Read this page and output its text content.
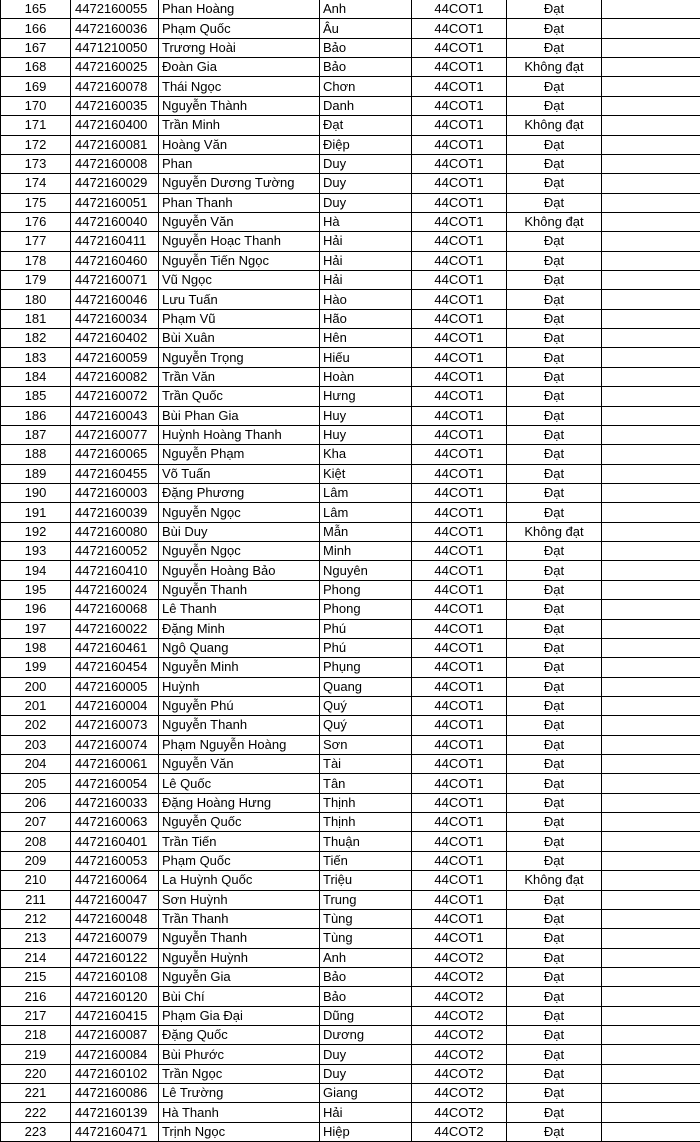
165	4472160055	Phan Hoàng	Anh	44COT1	Đạt	
166	4472160036	Phạm Quốc	Âu	44COT1	Đạt	
167	4471210050	Trương Hoài	Bảo	44COT1	Đạt	
168	4472160025	Đoàn Gia	Bảo	44COT1	Không đạt	
169	4472160078	Thái Ngọc	Chơn	44COT1	Đạt	
170	4472160035	Nguyễn Thành	Danh	44COT1	Đạt	
171	4472160400	Trần Minh	Đạt	44COT1	Không đạt	
172	4472160081	Hoàng Văn	Điệp	44COT1	Đạt	
173	4472160008	Phan	Duy	44COT1	Đạt	
174	4472160029	Nguyễn Dương Tường	Duy	44COT1	Đạt	
175	4472160051	Phan Thanh	Duy	44COT1	Đạt	
176	4472160040	Nguyễn Văn	Hà	44COT1	Không đạt	
177	4472160411	Nguyễn Hoạc Thanh	Hải	44COT1	Đạt	
178	4472160460	Nguyễn Tiến Ngọc	Hải	44COT1	Đạt	
179	4472160071	Vũ Ngọc	Hải	44COT1	Đạt	
180	4472160046	Lưu Tuấn	Hào	44COT1	Đạt	
181	4472160034	Phạm Vũ	Hão	44COT1	Đạt	
182	4472160402	Bùi Xuân	Hên	44COT1	Đạt	
183	4472160059	Nguyễn Trọng	Hiếu	44COT1	Đạt	
184	4472160082	Trần Văn	Hoàn	44COT1	Đạt	
185	4472160072	Trần Quốc	Hưng	44COT1	Đạt	
186	4472160043	Bùi Phan Gia	Huy	44COT1	Đạt	
187	4472160077	Huỳnh Hoàng Thanh	Huy	44COT1	Đạt	
188	4472160065	Nguyễn Phạm	Kha	44COT1	Đạt	
189	4472160455	Võ Tuấn	Kiệt	44COT1	Đạt	
190	4472160003	Đặng Phương	Lâm	44COT1	Đạt	
191	4472160039	Nguyễn Ngọc	Lâm	44COT1	Đạt	
192	4472160080	Bùi Duy	Mẫn	44COT1	Không đạt	
193	4472160052	Nguyễn Ngọc	Minh	44COT1	Đạt	
194	4472160410	Nguyễn Hoàng Bảo	Nguyên	44COT1	Đạt	
195	4472160024	Nguyễn Thanh	Phong	44COT1	Đạt	
196	4472160068	Lê Thanh	Phong	44COT1	Đạt	
197	4472160022	Đặng Minh	Phú	44COT1	Đạt	
198	4472160461	Ngô Quang	Phú	44COT1	Đạt	
199	4472160454	Nguyễn Minh	Phụng	44COT1	Đạt	
200	4472160005	Huỳnh	Quang	44COT1	Đạt	
201	4472160004	Nguyễn Phú	Quý	44COT1	Đạt	
202	4472160073	Nguyễn Thanh	Quý	44COT1	Đạt	
203	4472160074	Phạm Nguyễn Hoàng	Sơn	44COT1	Đạt	
204	4472160061	Nguyễn Văn	Tài	44COT1	Đạt	
205	4472160054	Lê Quốc	Tân	44COT1	Đạt	
206	4472160033	Đặng Hoàng Hưng	Thịnh	44COT1	Đạt	
207	4472160063	Nguyễn Quốc	Thịnh	44COT1	Đạt	
208	4472160401	Trần Tiến	Thuận	44COT1	Đạt	
209	4472160053	Phạm Quốc	Tiến	44COT1	Đạt	
210	4472160064	La Huỳnh Quốc	Triệu	44COT1	Không đạt	
211	4472160047	Sơn Huỳnh	Trung	44COT1	Đạt	
212	4472160048	Trần Thanh	Tùng	44COT1	Đạt	
213	4472160079	Nguyễn Thanh	Tùng	44COT1	Đạt	
214	4472160122	Nguyễn Huỳnh	Anh	44COT2	Đạt	
215	4472160108	Nguyễn Gia	Bảo	44COT2	Đạt	
216	4472160120	Bùi Chí	Bảo	44COT2	Đạt	
217	4472160415	Phạm Gia Đại	Dũng	44COT2	Đạt	
218	4472160087	Đặng Quốc	Dương	44COT2	Đạt	
219	4472160084	Bùi Phước	Duy	44COT2	Đạt	
220	4472160102	Trần Ngọc	Duy	44COT2	Đạt	
221	4472160086	Lê Trường	Giang	44COT2	Đạt	
222	4472160139	Hà Thanh	Hải	44COT2	Đạt	
223	4472160471	Trịnh Ngọc	Hiệp	44COT2	Đạt	
